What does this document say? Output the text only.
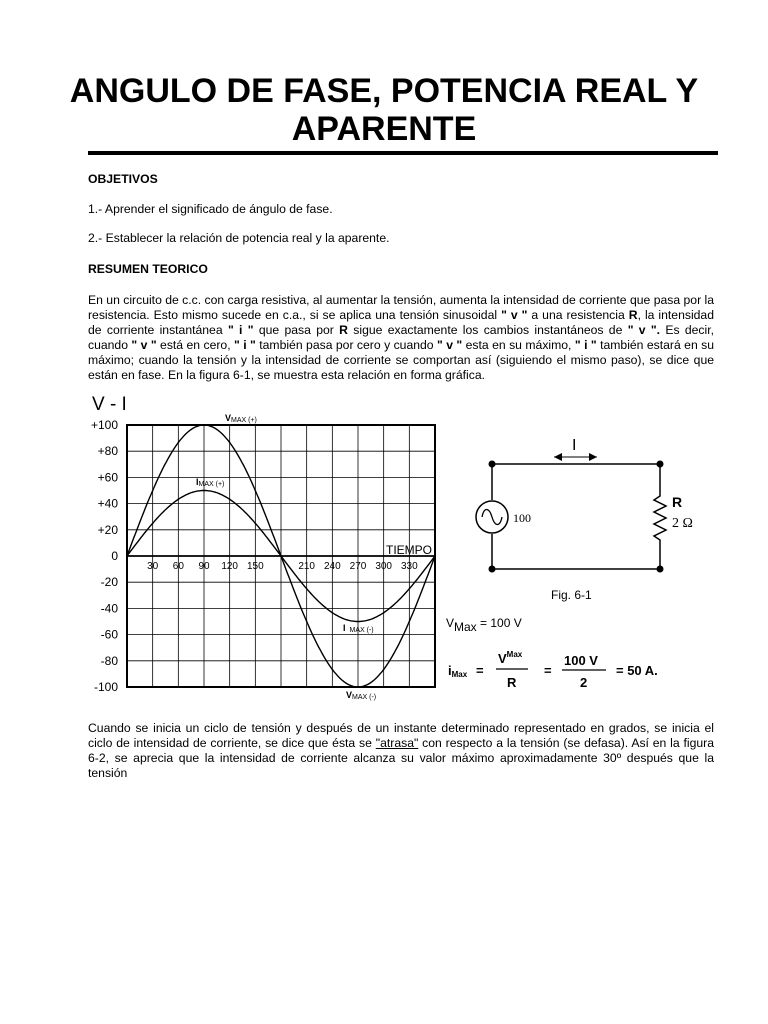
ANGULO DE FASE, POTENCIA REAL Y
APARENTE
OBJETIVOS
1.- Aprender el significado de ángulo de fase.
2.- Establecer la relación de potencia real y la aparente.
RESUMEN TEORICO
En un circuito de c.c. con carga resistiva, al aumentar la tensión, aumenta la intensidad de corriente que pasa por la resistencia. Esto mismo sucede en c.a., si se aplica una tensión sinusoidal " v " a una resistencia R, la intensidad de corriente instantánea " i " que pasa por R sigue exactamente los cambios instantáneos de " v ". Es decir, cuando " v " está en cero, " i " también pasa por cero y cuando " v " esta en su máximo, " i " también estará en su máximo; cuando la tensión y la intensidad de corriente se comportan así (siguiendo el mismo paso), se dice que están en fase. En la figura 6-1, se muestra esta relación en forma gráfica.
V - I
+100
+80
+60
+40
+20
0
-20
-40
-60
-80
-100
30 60 90 120 150	210 240 270 300 330
TIEMPO
VMAX (+)
IMAX (+)
I MAX (-)
VMAX (-)
I
100
R
2 Ω
Fig. 6-1
$V_{Max} = 100$ V
iMax =
$V^{Max}$
R
=
100 V
2
= 50 A.
Cuando se inicia un ciclo de tensión y después de un instante determinado representado en grados, se inicia el ciclo de intensidad de corriente, se dice que ésta se "atrasa" con respecto a la tensión (se defasa). Así en la figura 6-2, se aprecia que la intensidad de corriente alcanza su valor máximo aproximadamente 30º después que la tensión
